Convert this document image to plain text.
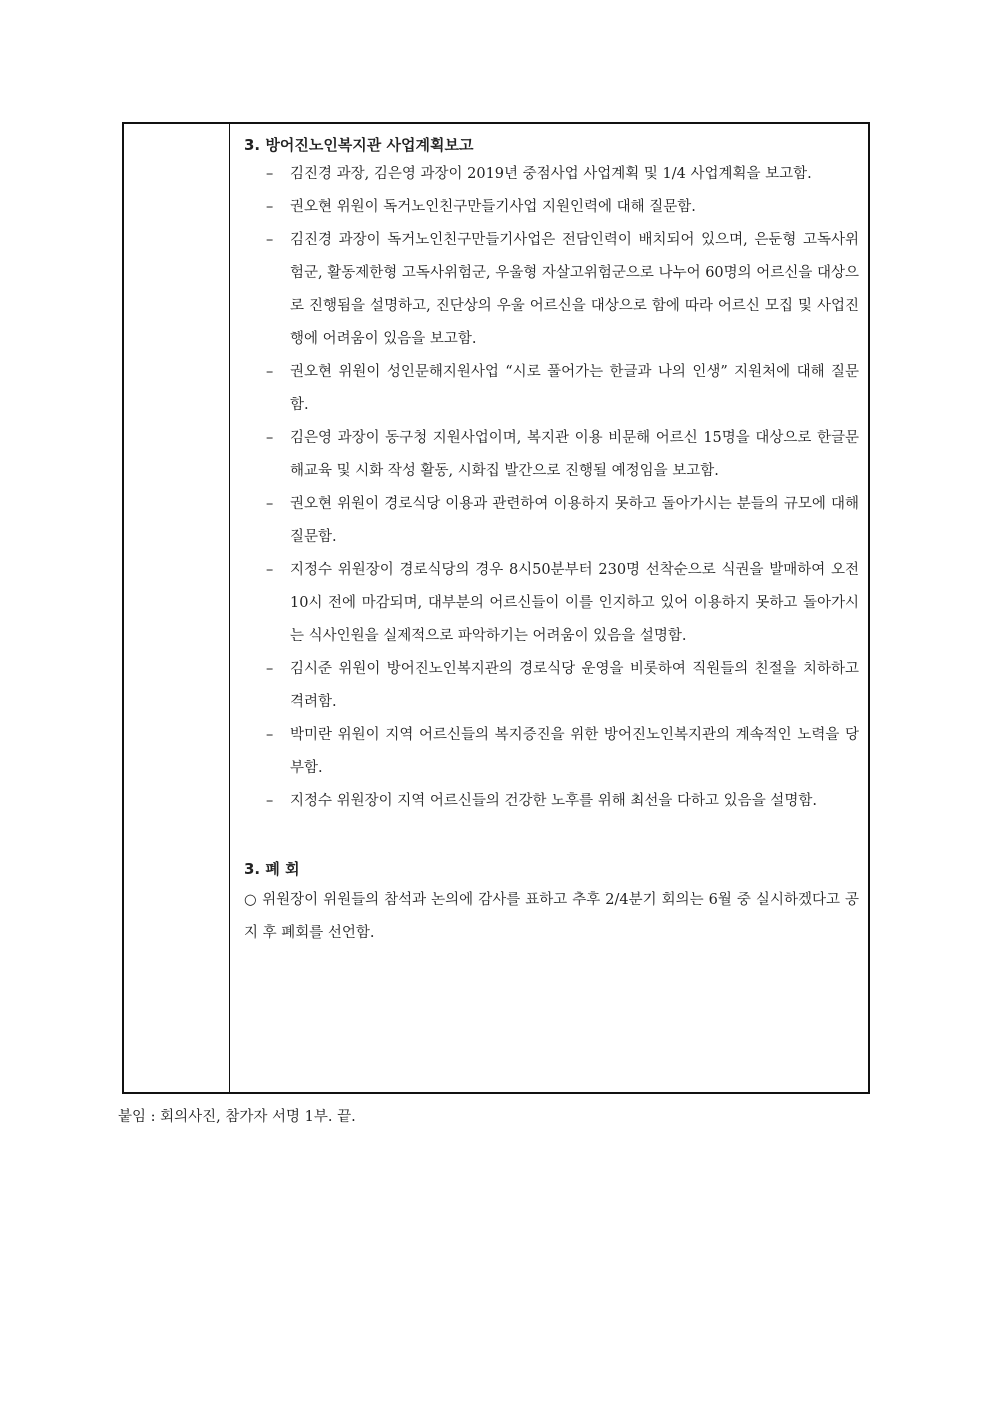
3. 방어진노인복지관 사업계획보고
–	김진경 과장, 김은영 과장이 2019년 중점사업 사업계획 및 1/4 사업계획을 보고함.
–	권오현 위원이 독거노인친구만들기사업 지원인력에 대해 질문함.
–	김진경 과장이 독거노인친구만들기사업은 전담인력이 배치되어 있으며, 은둔형 고독사위험군, 활동제한형 고독사위험군, 우울형 자살고위험군으로 나누어 60명의 어르신을 대상으로 진행됨을 설명하고, 진단상의 우울 어르신을 대상으로 함에 따라 어르신 모집 및 사업진행에 어려움이 있음을 보고함.
–	권오현 위원이 성인문해지원사업 “시로 풀어가는 한글과 나의 인생” 지원처에 대해 질문함.
–	김은영 과장이 동구청 지원사업이며, 복지관 이용 비문해 어르신 15명을 대상으로 한글문해교육 및 시화 작성 활동, 시화집 발간으로 진행될 예정임을 보고함.
–	권오현 위원이 경로식당 이용과 관련하여 이용하지 못하고 돌아가시는 분들의 규모에 대해 질문함.
–	지정수 위원장이 경로식당의 경우 8시50분부터 230명 선착순으로 식권을 발매하여 오전 10시 전에 마감되며, 대부분의 어르신들이 이를 인지하고 있어 이용하지 못하고 돌아가시는 식사인원을 실제적으로 파악하기는 어려움이 있음을 설명함.
–	김시준 위원이 방어진노인복지관의 경로식당 운영을 비롯하여 직원들의 친절을 치하하고 격려함.
–	박미란 위원이 지역 어르신들의 복지증진을 위한 방어진노인복지관의 계속적인 노력을 당부함.
–	지정수 위원장이 지역 어르신들의 건강한 노후를 위해 최선을 다하고 있음을 설명함.
3. 폐 회
○ 위원장이 위원들의 참석과 논의에 감사를 표하고 추후 2/4분기 회의는 6월 중 실시하겠다고 공지 후 폐회를 선언함.
붙임 : 회의사진, 참가자 서명 1부. 끝.
